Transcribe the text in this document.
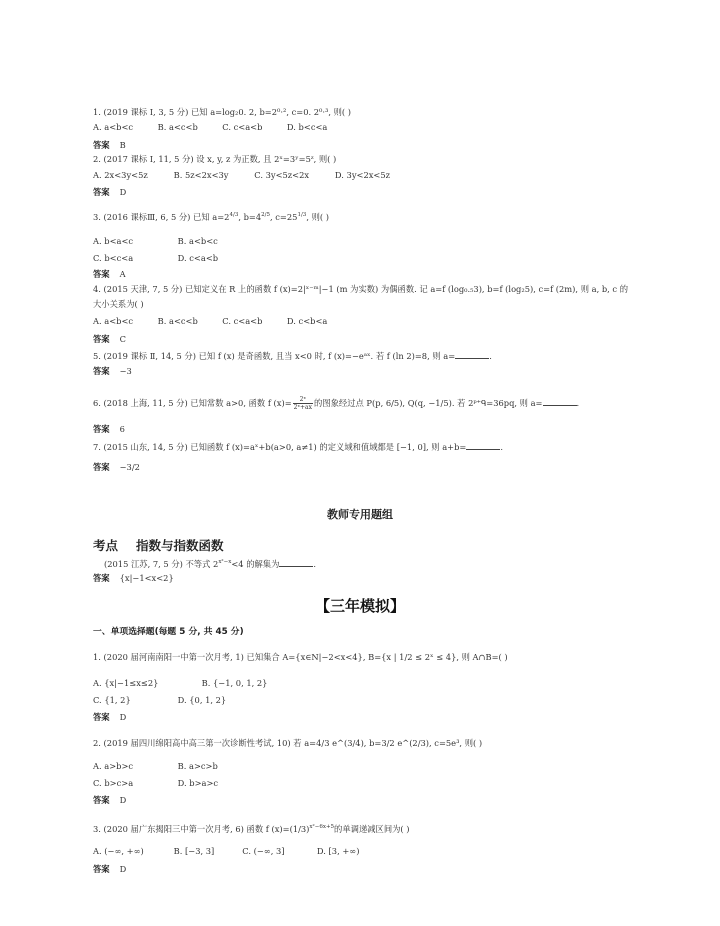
1. (2019 课标 Ⅰ, 3, 5 分) 已知 a=log₂0. 2, b=2⁰·², c=0. 2⁰·³, 则( )
A. a<b<c	B. a<c<b	C. c<a<b	D. b<c<a
答案 B
2. (2017 课标 Ⅰ, 11, 5 分) 设 x, y, z 为正数, 且 2ˣ=3ʸ=5ᶻ, 则( )
A. 2x<3y<5z	B. 5z<2x<3y	C. 3y<5z<2x	D. 3y<2x<5z
答案 D
3. (2016 课标Ⅲ, 6, 5 分) 已知 $a=2^{4/3}$, $b=4^{2/5}$, $c=25^{1/3}$, 则( )
A. b<a<c	B. a<b<c
C. b<c<a	D. c<a<b
答案 A
4. (2015 天津, 7, 5 分) 已知定义在 R 上的函数 f (x)=2|ˣ⁻ᵐ|−1 (m 为实数) 为偶函数. 记 a=f (log₀.₅3), b=f (log₂5), c=f (2m), 则 a, b, c 的
大小关系为( )
A. a<b<c	B. a<c<b	C. c<a<b	D. c<b<a
答案 C
5. (2019 课标 Ⅱ, 14, 5 分) 已知 f (x) 是奇函数, 且当 x<0 时, f (x)=−eᵃˣ. 若 f (ln 2)=8, 则 a=	.
答案 −3
6. (2018 上海, 11, 5 分) 已知常数 a>0, 函数 f $(x)= \frac{\text{2ˣ}}{\text{2ˣ+ax}}$ 的图象经过点 P(p, 6/5), Q(q, −1/5). 若 2ᵖ⁺ᑫ=36pq, 则 a=	.
答案 6
7. (2015 山东, 14, 5 分) 已知函数 f (x)=aˣ+b(a>0, a≠1) 的定义域和值域都是 [−1, 0], 则 a+b=	.
答案 −3/2
教师专用题组
考点 指数与指数函数
(2015 江苏, 7, 5 分) 不等式 $2^{x^2-x}<4$ 的解集为	.
答案 {x|−1<x<2}
【三年模拟】
一、单项选择题(每题 5 分, 共 45 分)
1. (2020 届河南南阳一中第一次月考, 1) 已知集合 A={x∈N|−2<x<4}, B={x | 1/2 ≤ 2ˣ ≤ 4}, 则 A∩B=( )
A. {x|−1≤x≤2}	B. {−1, 0, 1, 2}
C. {1, 2}	D. {0, 1, 2}
答案 D
2. (2019 届四川绵阳高中高三第一次诊断性考试, 10) 若 a=4/3 e^(3/4), b=3/2 e^(2/3), c=5e³, 则( )
A. a>b>c	B. a>c>b
C. b>c>a	D. b>a>c
答案 D
3. (2020 届广东揭阳三中第一次月考, 6) 函数 f $(x)=(1/3)^{x^2-6x+5}$的单调递减区间为( )
A. (−∞, +∞)	B. [−3, 3]	C. (−∞, 3]	D. [3, +∞)
答案 D
